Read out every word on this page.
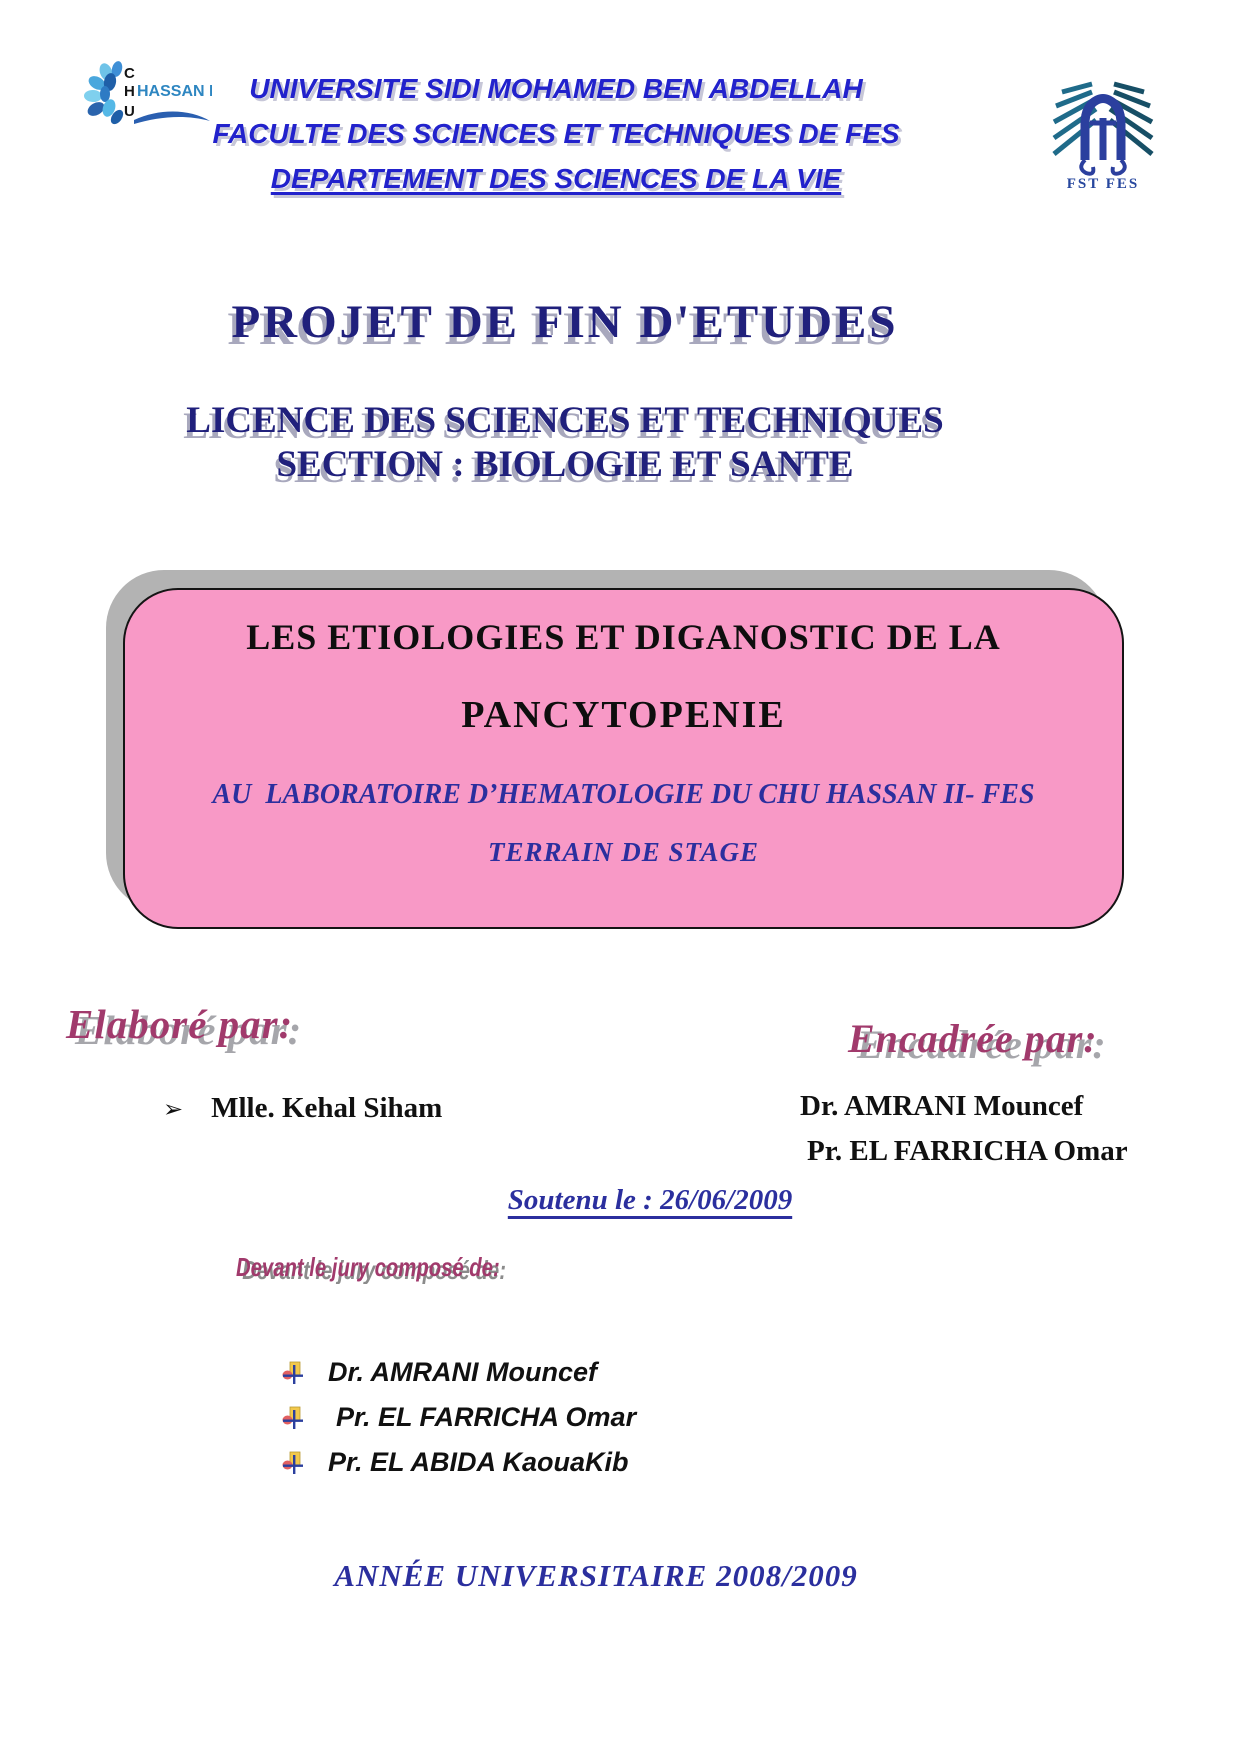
C
H
U
HASSAN II	UNIVERSITE SIDI MOHAMED BEN ABDELLAH
FACULTE DES SCIENCES ET TECHNIQUES DE FES
DEPARTEMENT DES SCIENCES DE LA VIE	FST FES
PROJET DE FIN D'ETUDES
LICENCE DES SCIENCES ET TECHNIQUES
SECTION : BIOLOGIE ET SANTE
LES ETIOLOGIES ET DIGANOSTIC DE LA
PANCYTOPENIE
AU  LABORATOIRE D’HEMATOLOGIE DU CHU HASSAN II- FES
TERRAIN DE STAGE
Elaboré par:	Encadrée par:
➢ Mlle. Kehal Siham	Dr. AMRANI Mouncef
Pr. EL FARRICHA Omar
Soutenu le : 26/06/2009
Devant le jury composé de:
Dr. AMRANI Mouncef
Pr. EL FARRICHA Omar
Pr. EL ABIDA KaouaKib
ANNÉE UNIVERSITAIRE 2008/2009
